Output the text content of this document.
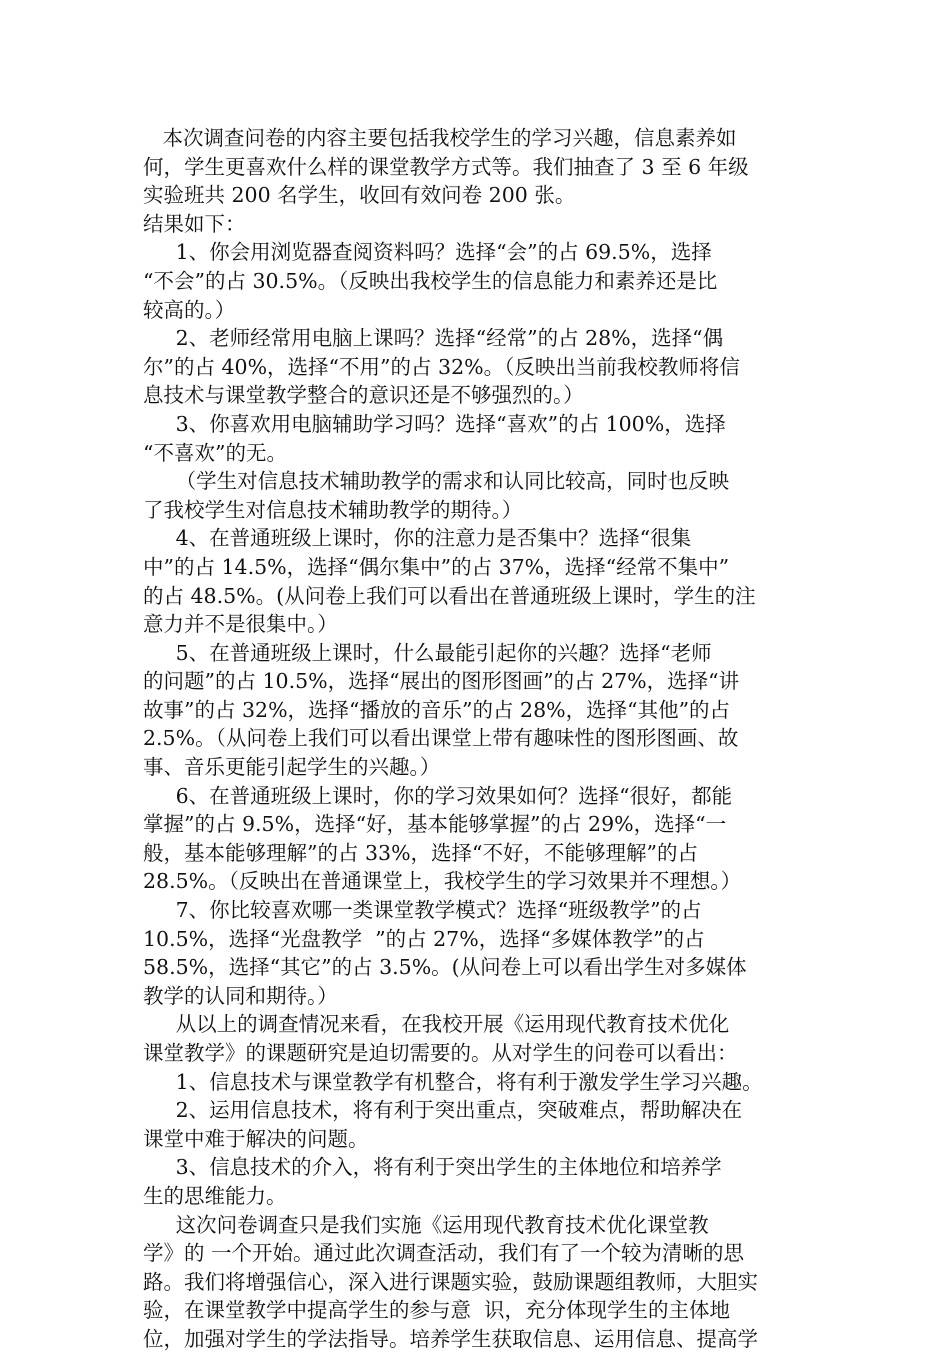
本次调查问卷的内容主要包括我校学生的学习兴趣，信息素养如
何，学生更喜欢什么样的课堂教学方式等。我们抽查了 3 至 6 年级
实验班共 200 名学生，收回有效问卷 200 张。
结果如下：
1、你会用浏览器查阅资料吗？选择“会”的占 69.5%，选择
“不会”的占 30.5%。（反映出我校学生的信息能力和素养还是比
较高的。）
2、老师经常用电脑上课吗？选择“经常”的占 28%，选择“偶
尔”的占 40%，选择“不用”的占 32%。（反映出当前我校教师将信
息技术与课堂教学整合的意识还是不够强烈的。）
3、你喜欢用电脑辅助学习吗？选择“喜欢”的占 100%，选择
“不喜欢”的无。
（学生对信息技术辅助教学的需求和认同比较高，同时也反映
了我校学生对信息技术辅助教学的期待。）
4、在普通班级上课时，你的注意力是否集中？选择“很集
中”的占 14.5%，选择“偶尔集中”的占 37%，选择“经常不集中”
的占 48.5%。(从问卷上我们可以看出在普通班级上课时，学生的注
意力并不是很集中。）
5、在普通班级上课时，什么最能引起你的兴趣？选择“老师
的问题”的占 10.5%，选择“展出的图形图画”的占 27%，选择“讲
故事”的占 32%，选择“播放的音乐”的占 28%，选择“其他”的占
2.5%。（从问卷上我们可以看出课堂上带有趣味性的图形图画、故
事、音乐更能引起学生的兴趣。）
6、在普通班级上课时，你的学习效果如何？选择“很好，都能
掌握”的占 9.5%，选择“好，基本能够掌握”的占 29%，选择“一
般，基本能够理解”的占 33%，选择“不好，不能够理解”的占
28.5%。（反映出在普通课堂上，我校学生的学习效果并不理想。）
7、你比较喜欢哪一类课堂教学模式？选择“班级教学”的占
10.5%，选择“光盘教学  ”的占 27%，选择“多媒体教学”的占
58.5%，选择“其它”的占 3.5%。(从问卷上可以看出学生对多媒体
教学的认同和期待。）
从以上的调查情况来看，在我校开展《运用现代教育技术优化
课堂教学》的课题研究是迫切需要的。从对学生的问卷可以看出：
1、信息技术与课堂教学有机整合，将有利于激发学生学习兴趣。
2、运用信息技术，将有利于突出重点，突破难点，帮助解决在
课堂中难于解决的问题。
3、信息技术的介入，将有利于突出学生的主体地位和培养学
生的思维能力。
这次问卷调查只是我们实施《运用现代教育技术优化课堂教
学》的 一个开始。通过此次调查活动，我们有了一个较为清晰的思
路。我们将增强信心，深入进行课题实验，鼓励课题组教师，大胆实
验，在课堂教学中提高学生的参与意  识，充分体现学生的主体地
位，加强对学生的学法指导。培养学生获取信息、运用信息、提高学
